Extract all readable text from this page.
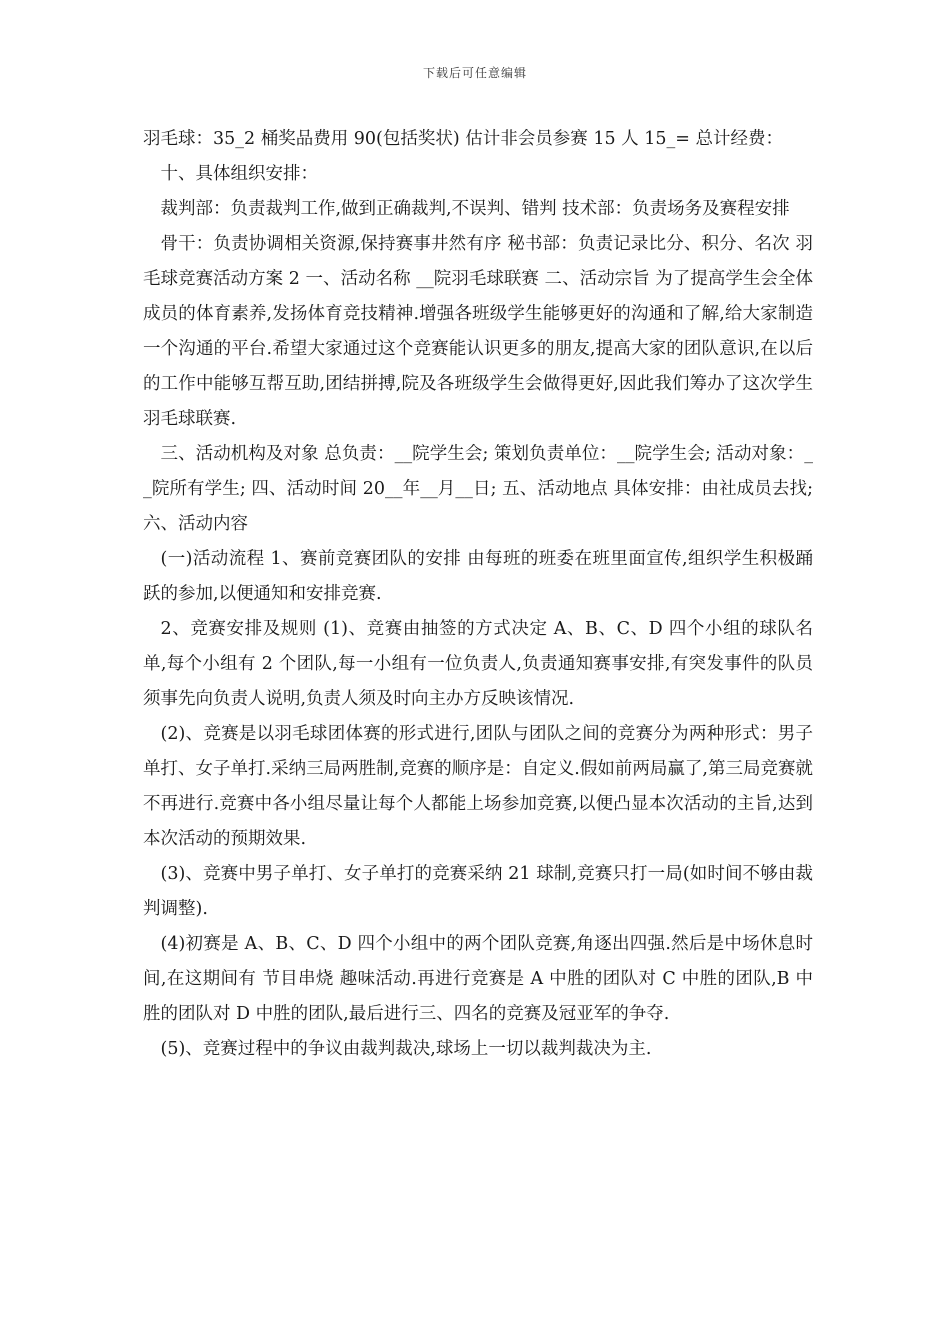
下载后可任意编辑

羽毛球：35_2 桶奖品费用 90(包括奖状) 估计非会员参赛 15 人 15_= 总计经费：

十、具体组织安排：

裁判部：负责裁判工作,做到正确裁判,不误判、错判 技术部：负责场务及赛程安排

骨干：负责协调相关资源,保持赛事井然有序 秘书部：负责记录比分、积分、名次 羽毛球竞赛活动方案 2 一、活动名称 __院羽毛球联赛 二、活动宗旨 为了提高学生会全体成员的体育素养,发扬体育竞技精神.增强各班级学生能够更好的沟通和了解,给大家制造一个沟通的平台.希望大家通过这个竞赛能认识更多的朋友,提高大家的团队意识,在以后的工作中能够互帮互助,团结拼搏,院及各班级学生会做得更好,因此我们筹办了这次学生羽毛球联赛.

三、活动机构及对象 总负责：__院学生会; 策划负责单位：__院学生会; 活动对象：__院所有学生; 四、活动时间 20__年__月__日; 五、活动地点 具体安排：由社成员去找; 六、活动内容

(一)活动流程 1、赛前竞赛团队的安排 由每班的班委在班里面宣传,组织学生积极踊跃的参加,以便通知和安排竞赛.

2、竞赛安排及规则 (1)、竞赛由抽签的方式决定 A、B、C、D 四个小组的球队名单,每个小组有 2 个团队,每一小组有一位负责人,负责通知赛事安排,有突发事件的队员须事先向负责人说明,负责人须及时向主办方反映该情况.

(2)、竞赛是以羽毛球团体赛的形式进行,团队与团队之间的竞赛分为两种形式：男子单打、女子单打.采纳三局两胜制,竞赛的顺序是：自定义.假如前两局赢了,第三局竞赛就不再进行.竞赛中各小组尽量让每个人都能上场参加竞赛,以便凸显本次活动的主旨,达到本次活动的预期效果.

(3)、竞赛中男子单打、女子单打的竞赛采纳 21 球制,竞赛只打一局(如时间不够由裁判调整).

(4)初赛是 A、B、C、D 四个小组中的两个团队竞赛,角逐出四强.然后是中场休息时间,在这期间有 节目串烧 趣味活动.再进行竞赛是 A 中胜的团队对 C 中胜的团队,B 中胜的团队对 D 中胜的团队,最后进行三、四名的竞赛及冠亚军的争夺.

(5)、竞赛过程中的争议由裁判裁决,球场上一切以裁判裁决为主.
